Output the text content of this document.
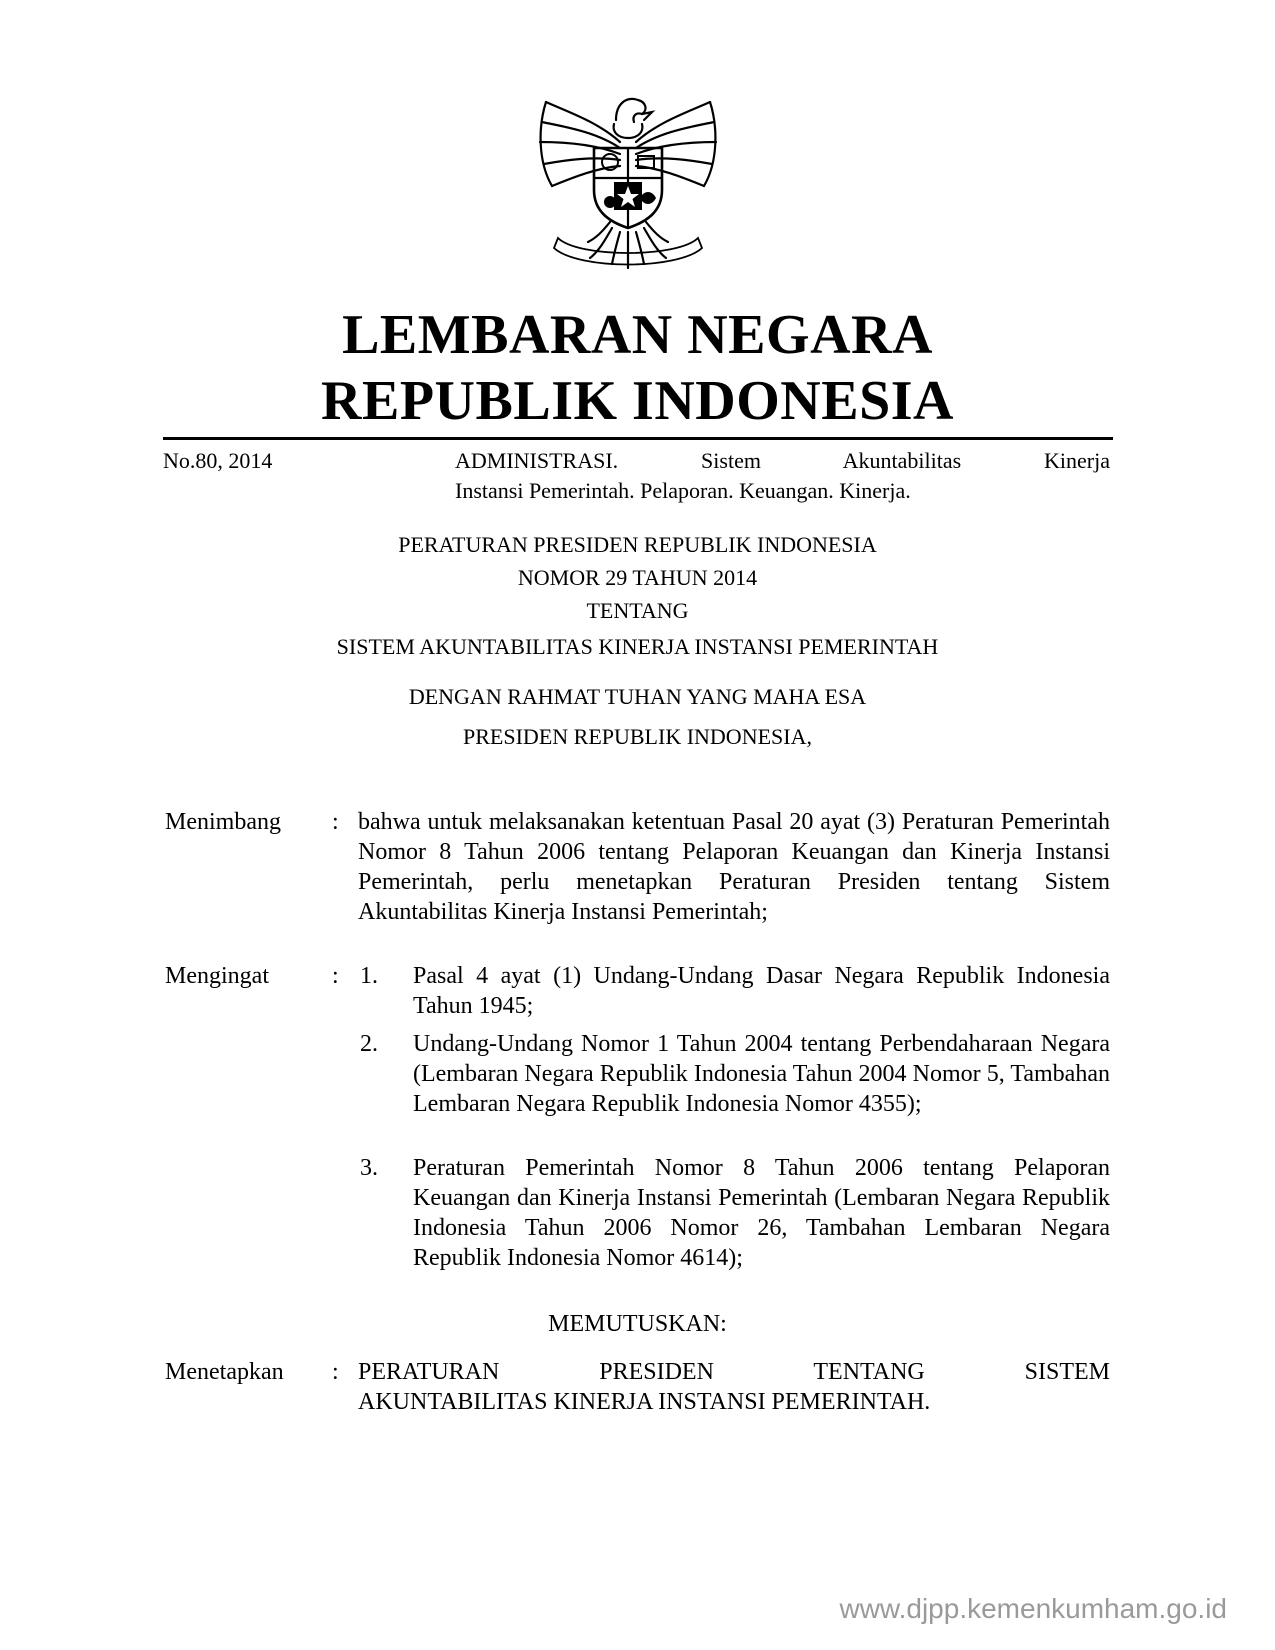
LEMBARAN NEGARA
REPUBLIK INDONESIA
No.80, 2014	ADMINISTRASI. Sistem Akuntabilitas Kinerja
Instansi Pemerintah. Pelaporan. Keuangan. Kinerja.
PERATURAN PRESIDEN REPUBLIK INDONESIA
NOMOR 29 TAHUN 2014
TENTANG
SISTEM AKUNTABILITAS KINERJA INSTANSI PEMERINTAH
DENGAN RAHMAT TUHAN YANG MAHA ESA
PRESIDEN REPUBLIK INDONESIA,
Menimbang : bahwa untuk melaksanakan ketentuan Pasal 20 ayat (3) Peraturan Pemerintah Nomor 8 Tahun 2006 tentang Pelaporan Keuangan dan Kinerja Instansi Pemerintah, perlu menetapkan Peraturan Presiden tentang Sistem Akuntabilitas Kinerja Instansi Pemerintah;
Mengingat	: 1. Pasal 4 ayat (1) Undang-Undang Dasar Negara Republik Indonesia Tahun 1945;
2. Undang-Undang Nomor 1 Tahun 2004 tentang Perbendaharaan Negara (Lembaran Negara Republik Indonesia Tahun 2004 Nomor 5, Tambahan Lembaran Negara Republik Indonesia Nomor 4355);
3. Peraturan Pemerintah Nomor 8 Tahun 2006 tentang Pelaporan Keuangan dan Kinerja Instansi Pemerintah (Lembaran Negara Republik Indonesia Tahun 2006 Nomor 26, Tambahan Lembaran Negara Republik Indonesia Nomor 4614);
MEMUTUSKAN:
Menetapkan : PERATURAN PRESIDEN TENTANG SISTEM
AKUNTABILITAS KINERJA INSTANSI PEMERINTAH.
www.djpp.kemenkumham.go.id
